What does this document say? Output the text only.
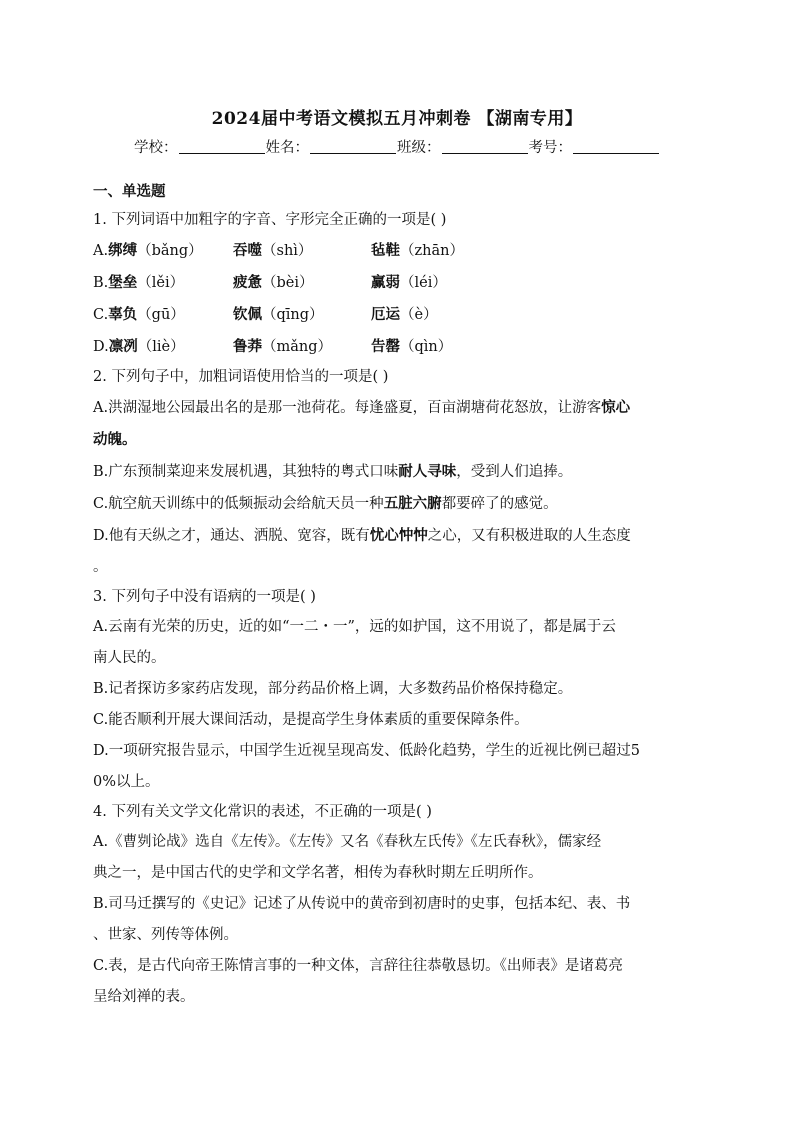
2024届中考语文模拟五月冲刺卷 【湖南专用】
学校：	姓名：	班级：	考号：
一、单选题
1. 下列词语中加粗字的字音、字形完全正确的一项是( )
A.绑缚（bǎng） 吞噬（shì）	毡鞋（zhān）
B.堡垒（lěi）	疲惫（bèi）	赢弱（léi）
C.辜负（gū）	钦佩（qīng）	厄运（è）
D.凛冽（liè）	鲁莽（mǎng）	告罄（qìn）
2. 下列句子中，加粗词语使用恰当的一项是( )
A.洪湖湿地公园最出名的是那一池荷花。每逢盛夏，百亩湖塘荷花怒放，让游客惊心
动魄。
B.广东预制菜迎来发展机遇，其独特的粤式口味耐人寻味，受到人们追捧。
C.航空航天训练中的低频振动会给航天员一种五脏六腑都要碎了的感觉。
D.他有天纵之才，通达、洒脱、宽容，既有忧心忡忡之心，又有积极进取的人生态度
。
3. 下列句子中没有语病的一项是( )
A.云南有光荣的历史，近的如“一二・一”，远的如护国，这不用说了，都是属于云
南人民的。
B.记者探访多家药店发现，部分药品价格上调，大多数药品价格保持稳定。
C.能否顺利开展大课间活动，是提高学生身体素质的重要保障条件。
D.一项研究报告显示，中国学生近视呈现高发、低龄化趋势，学生的近视比例已超过5
0%以上。
4. 下列有关文学文化常识的表述，不正确的一项是( )
A.《曹刿论战》选自《左传》。《左传》又名《春秋左氏传》《左氏春秋》，儒家经
典之一，是中国古代的史学和文学名著，相传为春秋时期左丘明所作。
B.司马迁撰写的《史记》记述了从传说中的黄帝到初唐时的史事，包括本纪、表、书
、世家、列传等体例。
C.表，是古代向帝王陈情言事的一种文体，言辞往往恭敬恳切。《出师表》是诸葛亮
呈给刘禅的表。
